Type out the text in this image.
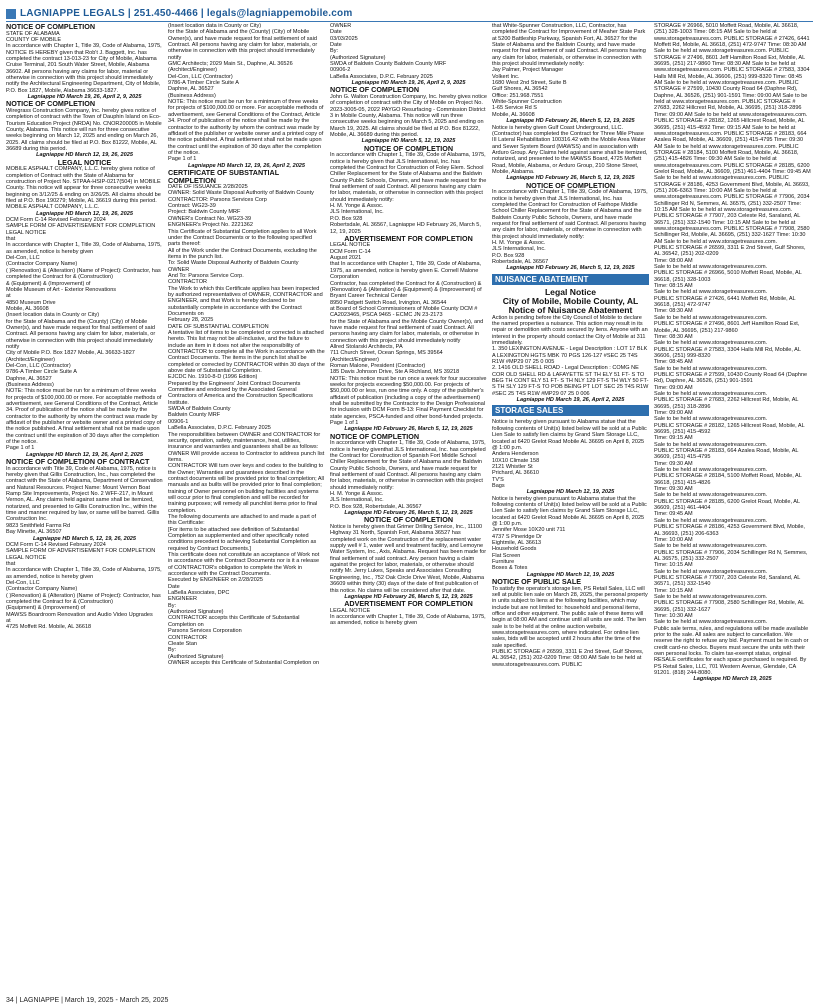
LAGNIAPPE LEGALS | 251.450-4466 | legals@lagniappemobile.com

NOTICE OF COMPLETION

STATE OF ALABAMA

COUNTY OF MOBILE

In accordance with Chapter 1, Title 39, Code of Alabama, 1975, NOTICE IS HEREBY given that Rob't J. Baggett, Inc. has completed the contract 13-013-23 for City of Mobile, Alabama Cruise Terminal, 201 South Water Street, Mobile, Alabama 36602. All persons having any claims for labor, material or otherwise in connection with this project should immediately notify the Architectural Engineering Department, City of Mobile, P.O. Box 1827, Mobile, Alabama 36633-1827.

Lagniappe HD March 19, 26, April 2, 9, 2025

NOTICE OF COMPLETION

Wiregrass Construction Company, Inc. hereby gives notice of completion of contract with the Town of Dauphin Island on Eco-Tourism Education Project (NRDA) No. CNOR200005 in Mobile County, Alabama. This notice will run for three consecutive weeks beginning on March 12, 2025 and ending on March 26, 2025. All claims should be filed at P.O. Box 81222, Mobile, AL 36689 during this period.

Lagniappe HD March 12, 19, 26, 2025

LEGAL NOTICE

MOBILE ASPHALT COMPANY, L.L.C. hereby gives notice of completion of Contract with the State of Alabama for construction of Project No. STPAA-HSIP-0217(504) in MOBILE County. This notice will appear for three consecutive weeks beginning on 3/12/25 & ending on 3/26/25. All claims should be filed at P.O. Box 190279; Mobile, AL 36619 during this period.

MOBILE ASPHALT COMPANY, L.L.C.

Lagniappe HD March 12, 19, 26, 2025

DCM Form C-14 Revised February 2024

SAMPLE FORM OF ADVERTISEMENT FOR COMPLETION

LEGAL NOTICE

that

In accordance with Chapter 1, Title 39, Code of Alabama, 1975, as amended, notice is hereby given

Del-Con, LLC

(Contractor Company Name)

( )Renovation) & (Alteration) (Name of Project): Contractor, has completed the Contract for & (Construction)

& (Equipment) & (Improvement) of

Mobile Museum of Art - Exterior Renovations

at

4850 Museum Drive

Mobile, AL 36608

(Insert location data in County or City)

for the State of Alabama and the (County) (City) of Mobile

Owner(s), and have made request for final settlement of said Contract. All persons having any claim for labor, materials, or otherwise in connection with this project should immediately notify

City of Mobile P.O. Box 1827 Mobile, AL 36633-1827

(Architect/Engineer)

Del-Con, LLC (Contractor)

9786-A Timber Circle Suite A

Daphne, AL 36527

(Business Address)

NOTE: This notice must be run for a minimum of three weeks for projects of $100,000.00 or more. For acceptable methods of advertisement, see General Conditions of the Contract, Article 34. Proof of publication of the notice shall be made by the contractor to the authority by whom the contract was made by affidavit of the publisher or website owner and a printed copy of the notice published. A final settlement shall not be made upon the contract until the expiration of 30 days after the completion of the notice.

Page 1 of 1

Lagniappe HD March 12, 19, 26, April 2, 2025

NOTICE OF COMPLETION OF CONTRACT

In accordance with Title 39, Code of Alabama, 1975, notice is hereby given that Gillis Construction, Inc., has completed the contract with the State of Alabama, Department of Conservation and Natural Resources. Project Name: Mount Vernon Boat Ramp Site Improvements, Project No. 2 WFF-217, in Mount Vernon, AL. Any claims held against same shall be itemized, notarized, and presented to Gillis Construction Inc., within the time and manner required by law, or same will be barred. Gillis Construction Inc.

9823 Smithfield Farms Rd

Bay Minette, AL 36507

Lagniappe HD March 5, 12, 19, 26, 2025

DCM Form C-14 Revised February 2024

SAMPLE FORM OF ADVERTISEMENT FOR COMPLETION

LEGAL NOTICE

that

In accordance with Chapter 1, Title 39, Code of Alabama, 1975, as amended, notice is hereby given

Del-Con, LLC

(Contractor Company Name)

( )Renovation) & (Alteration) (Name of Project): Contractor, has completed the Contract for & (Construction)

(Equipment) & (Improvement) of

MAWSS Boardroom Renovation and Audio Video Upgrades

at

4725 Moffett Rd. Mobile, AL 36618

(Insert location data in County or City)

for the State of Alabama and the (County) (City) of Mobile

Owner(s), and have made request for final settlement of said Contract. All persons having any claim for labor, materials, or otherwise in connection with this project should immediately notify

GMC Architects; 2029 Main St., Daphne, AL 36526 (Architect/Engineer)

Del-Con, LLC (Contractor)

9786-A Timber Circle Suite A

Daphne, AL 36527

(Business Address)

NOTE: This notice must be run for a minimum of three weeks for projects of $100,000.00 or more. For acceptable methods of advertisement, see General Conditions of the Contract, Article 34. Proof of publication of the notice shall be made by the contractor to the authority by whom the contract was made by affidavit of the publisher or website owner and a printed copy of the notice published. A final settlement shall not be made upon the contract until the expiration of 30 days after the completion of the notice.

Page 1 of 1

Lagniappe HD March 12, 19, 26, April 2, 2025

CERTIFICATE OF SUBSTANTIAL COMPLETION

DATE OF ISSUANCE 2/28/2025

OWNER: Solid Waste Disposal Authority of Baldwin County

CONTRACTOR: Parsons Services Corp

Contract: WG23-39

Project: Baldwin County MRF

OWNER's Contract No. WG23-39

ENGINEER's Project No. 2221362

This Certificate of Substantial Completion applies to all Work under the Contract Documents or to the following specified parts thereof:

All of the Work under the Contract Documents, excluding the items in the punch list.

To: Solid Waste Disposal Authority of Baldwin County

OWNER

And To: Parsons Service Corp.

CONTRACTOR

The Work to which this Certificate applies has been inspected by authorized representatives of OWNER, CONTRACTOR and ENGINEER, and that Work is hereby declared to be substantially complete in accordance with the Contract Documents on

February 28, 2025

DATE OF SUBSTANTIAL COMPLETION

A tentative list of items to be completed or corrected is attached hereto. This list may not be all-inclusive, and the failure to include an item in it does not alter the responsibility of CONTRACTOR to complete all the Work in accordance with the Contract Documents. The items in the punch list shall be completed or corrected by CONTRACTOR within 30 days of the above date of Substantial Completion.

EJCDC No. 1910-8-D (1996 Edition)

Prepared by the Engineers' Joint Contract Documents Committee and endorsed by the Associated General Contractors of America and the Construction Specifications Institute.

SWDA of Baldwin County

Baldwin County MRF

00906-1

LaBella Associates, D.P.C. February 2025

The responsibilities between OWNER and CONTRACTOR for security, operation, safety, maintenance, heat, utilities, insurance and warranties and guarantees shall be as follows:

OWNER Will provide access to Contractor to address punch list items.

CONTRACTOR Will turn over keys and codes to the building to the Owner; Warranties and guarantees described in the contract documents will be provided prior to final completion; All manuals and as builts will be provided prior to final completion; training of Owner personnel on building facilities and systems will occur prior to final completion and will be recorded for training purposes; will remedy all punchlist items prior to final completion.

The following documents are attached to and made a part of this Certificate:

[For items to be attached see definition of Substantial Completion as supplemented and other specifically noted conditions precedent to achieving Substantial Completion as required by Contract Documents.]

This certificate does not constitute an acceptance of Work not in accordance with the Contract Documents nor is it a release of CONTRACTOR's obligation to complete the Work in accordance with the Contract Documents.

Executed by ENGINEER on 2/28/2025

Date

LaBella Associates, DPC

ENGINEER

By:

(Authorized Signature)

CONTRACTOR accepts this Certificate of Substantial Completion on

Parsons Services Corporation

CONTRACTOR

Cleate Stan

By:

(Authorized Signature)

OWNER accepts this Certificate of Substantial Completion on

OWNER

Date

03/03/2025

Date

By:

(Authorized Signature)

SWDA of Baldwin County Baldwin County MRF

00906-2

LaBella Associates, D.P.C. February 2025

Lagniappe HD March 19, 26, April 2, 9, 2025

NOTICE OF COMPLETION

John G. Walton Construction Company, Inc. hereby gives notice of completion of contract with the City of Mobile on Project No. 2023-3005-05, 2022 PAYGO Resurfacing - Commission District 3 in Mobile County, Alabama. This notice will run three consecutive weeks beginning on March 5, 2025 and ending on March 19, 2025. All claims should be filed at P.O. Box 81222, Mobile, AL 36689 during this period.

Lagniappe HD March 5, 12, 19, 2025

NOTICE OF COMPLETION

In accordance with Chapter 1, Title 39, Code of Alabama, 1975, notice is hereby given that JLS International, Inc. has completed the Contract for Construction of Foley Elem. School Chiller Replacement for the State of Alabama and the Baldwin County Public Schools, Owners, and have made request for the final settlement of said Contract. All persons having any claim for labor, materials, or otherwise in connection with this project should immediately notify:

H. M. Yonge & Assoc.

JLS International, Inc.

P.O. Box 928

Robertsdale, AL 36567, Lagniappe HD February 26, March 5, 12, 19, 2025

ADVERTISEMENT FOR COMPLETION

LEGAL NOTICE

DCM Form C-14

August 2021

that In accordance with Chapter 1, Title 39, Code of Alabama, 1975, as amended, notice is hereby given E. Cornell Malone Corporation

Contractor, has completed the Contract for & (Construction) & (Renovation) & (Alteration) & (Equipment) & (Improvement) of

Bryant Career Technical Center

8950 Padgett Switch Road, Irvington, AL 36544

at Board of School Commissioners of Mobile County DCM # CA2023465, PSCA 9465 - ECMC JN 23-2173

for the State of Alabama and the Mobile County Owner(s), and have made request for final settlement of said Contract. All persons having any claim for labor, materials, or otherwise in connection with this project should immediately notify

Allred Stolarski Architects, PA

711 Church Street, Ocean Springs, MS 39564

(Architect/Engineer)

Roman Malone, President (Contractor)

185 Davis Johnson Drive, Ste A Richland, MS 39218

NOTE: This notice must be run once a week for four successive weeks for projects exceeding $50,000.00. For projects of $50,000.00 or less, run one time only. A copy of the publisher's affidavit of publication (including a copy of the advertisement) shall be submitted by the Contractor to the Design Professional for inclusion with DCM Form B-13: Final Payment Checklist for state agencies, PSCA-funded and other bond-funded projects.

Page 1 of 1

Lagniappe HD February 26, March 5, 12, 19, 2025

NOTICE OF COMPLETION

In accordance with Chapter 1, Title 39, Code of Alabama, 1975, notice is hereby giventhat JLS International, Inc. has completed the Contract for Construction of Spanish Fort Middle School Chiller Replacement for the State of Alabama and the Baldwin County Public Schools, Owners, and have made request for final settlement of said Contract. All persons having any claim for labor, materials, or otherwise in connection with this project should immediately notify:

H. M. Yonge & Assoc.

JLS International, Inc.

P.O. Box 928, Robertsdale, AL 36567

Lagniappe HD February 26, March 5, 12, 19, 2025

NOTICE OF COMPLETION

Notice is hereby given that Grimer Drilling Service, Inc., 11100 Highway 31 North, Spanish Fort, Alabama 36527 has completed work on the Construction of the replacement water supply well # 1, water well and treatment facility, and Lemoyne Water System, Inc., Axis, Alabama. Request has been made for final settlement of said contract. Any person having a claim against the project for labor, materials, or otherwise should notify Mr. Jerry Lukes, Speaks and Associates Consulting Engineering, Inc., 752 Oak Circle Drive West, Mobile, Alabama 36609 within thirty (30) days of the date of first publication of this notice. No claims will be considered after that date.

Lagniappe HD February 26, March 5, 12, 19, 2025

ADVERTISEMENT FOR COMPLETION

LEGAL NOTICE

In accordance with Chapter 1, Title 39, Code of Alabama, 1975, as amended, notice is hereby given

that White-Spunner Construction, LLC, Contractor, has completed the Contract for Improvement of Meaher State Park at 5200 Battleship Parkway, Spanish Fort, AL 36527 for the State of Alabama and the Baldwin County, and have made request for final settlement of said Contract. All persons having any claim for labor, materials, or otherwise in connection with this project should immediately notify:

Jay Palmer, Project Manager

Volkert Inc.

1680 West 2nd Street, Suite B

Gulf Shores, AL 36542

Office: 251.968.7551

White-Spunner Construction

1-65 Service Rd S

Mobile, AL 36608

Lagniappe HD February 26, March 5, 12, 19, 2025

Notice is hereby given Gulf Coast Underground, LLC. (Contractor) has completed the Contract for Three Mile Phase III Lateral Rehabilitation 100316.42 with the Mobile Area Water and Sewer System Board (MAWSS) and in association with Arduro Group. Any Claims held against same shall be itemized, notarized, and presented to the MAWSS Board, 4725 Moffett Road, Mobile, Alabama, or Arduro Group, 210 Stone Street, Mobile, Alabama.

Lagniappe HD February 26, March 5, 12, 19, 2025

NOTICE OF COMPLETION

In accordance with Chapter 1, Title 39, Code of Alabama, 1975, notice is hereby given that JLS International, Inc. has completed the Contract for Construction of Fairhope Middle School Chiller Replacement for the State of Alabama and the Baldwin County Public Schools, Owners, and have made request for final settlement of said Contract. All persons having any claim for labor, materials, or otherwise in connection with this project should immediately notify:

H. M. Yonge & Assoc.

JLS International, Inc.

P.O. Box 928

Robertsdale, AL 36567

Lagniappe HD February 26, March 5, 12, 19, 2025

NUISANCE ABATEMENT

Legal Notice

City of Mobile, Mobile County, AL

Notice of Nuisance Abatement

Action is pending before the City Council of Mobile to declare the named properties a nuisance. This action may result in its repair or demolition with costs secured by liens. Anyone with an interest in the property should contact the City of Mobile at 311 immediately.

1. 350 LEXINGTON AVENUE - Legal Description : LOT 17 BLK A LEXINGTON HGTS MBK 70 PGS 126-127 #SEC 25 T4S R1W #MP29 07 25 0 005

2. 1416 OLD SHELL ROAD - Legal Description : COMG NE COR OLD SHELL RD & LAFAYETTE ST TH ELY 51 FT- S TO BEG TH CONT ELY 51 FT- S TH NLY 129 FT-S TH WLY 50 FT-S TH SLY 129 FT-S TO POB BEING PT LOT SEC 25 T4S R1W #SEC 25 T4S R1W #MP29 07 25 0 006

Lagniappe HD March 19, 26, April 2, 2025

STORAGE SALES

Notice is hereby given pursuant to Alabama statue that the following contents of Unit(s) listed below will be sold at a Public Lien Sale to satisfy lien claims by Grand Slam Storage LLC, located at 6420 Grelot Road Mobile AL 36695 on April 8, 2025 @ 1:00 p.m.

Andera Henderson

10X10 Climate 158

2121 Whistler St

Prichard, AL 36610

TV'S

Bags

Lagniappe HD March 12, 19, 2025

Notice is hereby given pursuant to Alabama statue that the following contents of Unit(s) listed below will be sold at a Public Lien Sale to satisfy lien claims by Grand Slam Storage LLC, located at 6420 Grelot Road Mobile AL 36695 on April 8, 2025 @ 1:00 p.m.

Jennifer Mose 10X20 unit 711

4737 S Pineridge Dr

Eightmile, AL 36613

Household Goods

Flat Screen

Furniture

Boxes & Totes

Lagniappe HD March 12, 19, 2025

NOTICE OF PUBLIC SALE

To satisfy the operator's storage lien, PS Retail Sales, LLC will sell at public lien sale on March 28, 2025, the personal property in units subject to liens at the following facilities, which may include but are not limited to: household and personal items, office and other equipment. The public sale of these items will begin at 08:00 AM and continue until all units are sold. The lien sale is to be held at the online auction website, www.storagetreasures.com, where indicated. For online lien sales, bids will be accepted until 2 hours after the time of the sale specified.

PUBLIC STORAGE # 26599, 3311 E 2nd Street, Gulf Shores, AL 36542, (251) 202-0209 Time: 08:00 AM Sale to be held at www.storagetreasures.com. PUBLIC

STORAGE # 26966, 5010 Moffett Road, Mobile, AL 36618, (251) 328-1003 Time: 08:15 AM Sale to be held at www.storagetreasures.com. PUBLIC STORAGE # 27426, 6441 Moffett Rd, Mobile, AL 36618, (251) 472-9747 Time: 08:30 AM Sale to be held at www.storagetreasures.com. PUBLIC STORAGE # 27496, 8601 Jeff Hamilton Road Ext, Mobile, AL 36695, (251) 217-9860 Time: 08:30 AM Sale to be held at www.storagetreasures.com. PUBLIC STORAGE # 27583, 3304 Halls Mill Rd, Mobile, AL 36606, (251) 999-8320 Time: 08:45 AM Sale to be held at www.storagetreasures.com. PUBLIC STORAGE # 27599, 10430 County Road 64 (Daphne Rd), Daphne, AL 36526, (251) 901-1591 Time: 09:00 AM Sale to be held at www.storagetreasures.com. PUBLIC STORAGE # 27683, 2262 Hillcrest Rd, Mobile, AL 36695, (251) 318-2896 Time: 09:00 AM Sale to be held at www.storagetreasures.com. PUBLIC STORAGE # 28182, 1265 Hillcrest Road, Mobile, AL 36695, (251) 415-4592 Time: 09:15 AM Sale to be held at www.storagetreasures.com. PUBLIC STORAGE # 28183, 664 Azalea Road, Mobile, AL 36609, (251) 415-4795 Time: 09:30 AM Sale to be held at www.storagetreasures.com. PUBLIC STORAGE # 28184, 5100 Moffett Road, Mobile, AL 36618, (251) 415-4826 Time: 09:30 AM Sale to be held at www.storagetreasures.com. PUBLIC STORAGE # 28185, 6200 Grelot Road, Mobile, AL 36609, (251) 461-4404 Time: 09:45 AM Sale to be held at www.storagetreasures.com. PUBLIC STORAGE # 28186, 4253 Government Blvd, Mobile, AL 36693, (251) 206-6363 Time: 10:00 AM Sale to be held at www.storagetreasures.com. PUBLIC STORAGE # 77906, 2034 Schillinger Rd N, Semmes, AL 36575, (251) 332-2507 Time: 10:15 AM Sale to be held at www.storagetreasures.com. PUBLIC STORAGE # 77907, 203 Celeste Rd, Saraland, AL 36571, (251) 332-1540 Time: 10:15 AM Sale to be held at www.storagetreasures.com. PUBLIC STORAGE # 77908, 2580 Schillinger Rd, Mobile, AL 36695, (251) 332-1627 Time: 10:30 AM Sale to be held at www.storagetreasures.com.

PUBLIC STORAGE # 26599, 3311 E 2nd Street, Gulf Shores, AL 36542, (251) 202-0209

Time: 08:00 AM

Sale to be held at www.storagetreasures.com.

PUBLIC STORAGE # 26966, 5010 Moffett Road, Mobile, AL 36618, (251) 328-1003

Time: 08:15 AM

Sale to be held at www.storagetreasures.com.

PUBLIC STORAGE # 27426, 6441 Moffett Rd, Mobile, AL 36618, (251) 472-9747

Time: 08:30 AM

Sale to be held at www.storagetreasures.com.

PUBLIC STORAGE # 27496, 8601 Jeff Hamilton Road Ext, Mobile, AL 36695, (251) 217-9860

Time: 08:30 AM

Sale to be held at www.storagetreasures.com.

PUBLIC STORAGE # 27583, 3304 Halls Mill Rd, Mobile, AL 36606, (251) 999-8320

Time: 08:45 AM

Sale to be held at www.storagetreasures.com.

PUBLIC STORAGE # 27599, 10430 County Road 64 (Daphne Rd), Daphne, AL 36526, (251) 901-1591

Time: 09:00 AM

Sale to be held at www.storagetreasures.com.

PUBLIC STORAGE # 27683, 2262 Hillcrest Rd, Mobile, AL 36695, (251) 318-2896

Time: 09:00 AM

Sale to be held at www.storagetreasures.com.

PUBLIC STORAGE # 28182, 1265 Hillcrest Road, Mobile, AL 36695, (251) 415-4592

Time: 09:15 AM

Sale to be held at www.storagetreasures.com.

PUBLIC STORAGE # 28183, 664 Azalea Road, Mobile, AL 36609, (251) 415-4795

Time: 09:30 AM

Sale to be held at www.storagetreasures.com.

PUBLIC STORAGE # 28184, 5100 Moffett Road, Mobile, AL 36618, (251) 415-4826

Time: 09:30 AM

Sale to be held at www.storagetreasures.com.

PUBLIC STORAGE # 28185, 6200 Grelot Road, Mobile, AL 36609, (251) 461-4404

Time: 09:45 AM

Sale to be held at www.storagetreasures.com.

PUBLIC STORAGE # 28186, 4253 Government Blvd, Mobile, AL 36693, (251) 206-6363

Time: 10:00 AM

Sale to be held at www.storagetreasures.com.

PUBLIC STORAGE # 77906, 2034 Schillinger Rd N, Semmes, AL 36575, (251) 332-2507

Time: 10:15 AM

Sale to be held at www.storagetreasures.com.

PUBLIC STORAGE # 77907, 203 Celeste Rd, Saraland, AL 36571, (251) 332-1540

Time: 10:15 AM

Sale to be held at www.storagetreasures.com.

PUBLIC STORAGE # 77908, 2580 Schillinger Rd, Mobile, AL 36695, (251) 332-1627

Time: 10:30 AM

Sale to be held at www.storagetreasures.com.

Public sale terms, rules, and regulations will be made available prior to the sale. All sales are subject to cancellation. We reserve the right to refuse any bid. Payment must be in cash or credit card-no checks. Buyers must secure the units with their own personal locks. To claim tax-exempt status, original RESALE certificates for each space purchased is required. By PS Retail Sales, LLC, 701 Western Avenue, Glendale, CA 91201. (818) 244-8080.

Lagniappe HD March 19, 2025

34 | LAGNIAPPE | March 19, 2025 - March 25, 2025
